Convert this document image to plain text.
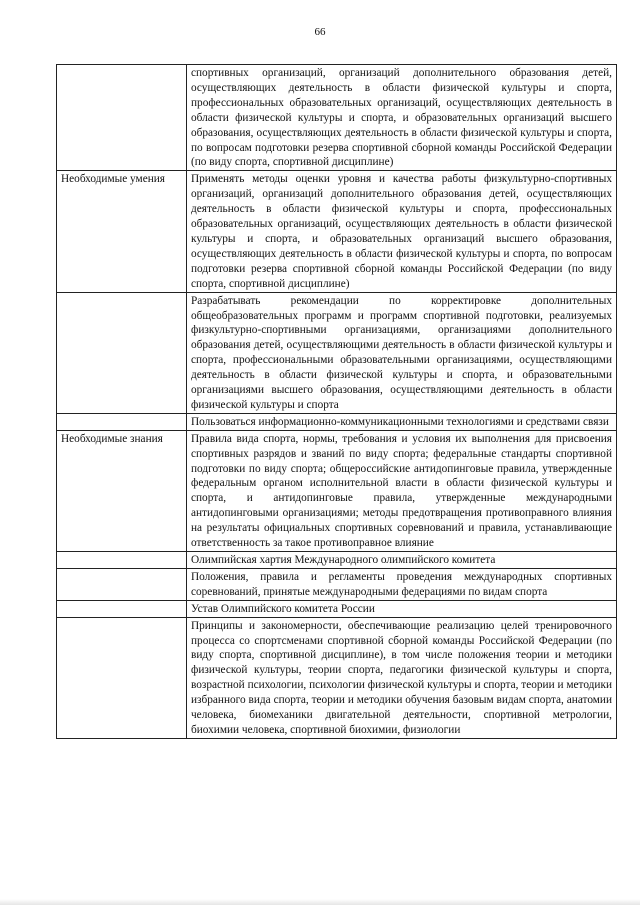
66
	спортивных организаций, организаций дополнительного образования детей, осуществляющих деятельность в области физической культуры и спорта, профессиональных образовательных организаций, осуществляющих деятельность в области физической культуры и спорта, и образовательных организаций высшего образования, осуществляющих деятельность в области физической культуры и спорта, по вопросам подготовки резерва спортивной сборной команды Российской Федерации (по виду спорта, спортивной дисциплине)
Необходимые умения	Применять методы оценки уровня и качества работы физкультурно-спортивных организаций, организаций дополнительного образования детей, осуществляющих деятельность в области физической культуры и спорта, профессиональных образовательных организаций, осуществляющих деятельность в области физической культуры и спорта, и образовательных организаций высшего образования, осуществляющих деятельность в области физической культуры и спорта, по вопросам подготовки резерва спортивной сборной команды Российской Федерации (по виду спорта, спортивной дисциплине)
	Разрабатывать рекомендации по корректировке дополнительных общеобразовательных программ и программ спортивной подготовки, реализуемых физкультурно-спортивными организациями, организациями дополнительного образования детей, осуществляющими деятельность в области физической культуры и спорта, профессиональными образовательными организациями, осуществляющими деятельность в области физической культуры и спорта, и образовательными организациями высшего образования, осуществляющими деятельность в области физической культуры и спорта
	Пользоваться информационно-коммуникационными технологиями и средствами связи
Необходимые знания	Правила вида спорта, нормы, требования и условия их выполнения для присвоения спортивных разрядов и званий по виду спорта; федеральные стандарты спортивной подготовки по виду спорта; общероссийские антидопинговые правила, утвержденные федеральным органом исполнительной власти в области физической культуры и спорта, и антидопинговые правила, утвержденные международными антидопинговыми организациями; методы предотвращения противоправного влияния на результаты официальных спортивных соревнований и правила, устанавливающие ответственность за такое противоправное влияние
	Олимпийская хартия Международного олимпийского комитета
	Положения, правила и регламенты проведения международных спортивных соревнований, принятые международными федерациями по видам спорта
	Устав Олимпийского комитета России
	Принципы и закономерности, обеспечивающие реализацию целей тренировочного процесса со спортсменами спортивной сборной команды Российской Федерации (по виду спорта, спортивной дисциплине), в том числе положения теории и методики физической культуры, теории спорта, педагогики физической культуры и спорта, возрастной психологии, психологии физической культуры и спорта, теории и методики избранного вида спорта, теории и методики обучения базовым видам спорта, анатомии человека, биомеханики двигательной деятельности, спортивной метрологии, биохимии человека, спортивной биохимии, физиологии
